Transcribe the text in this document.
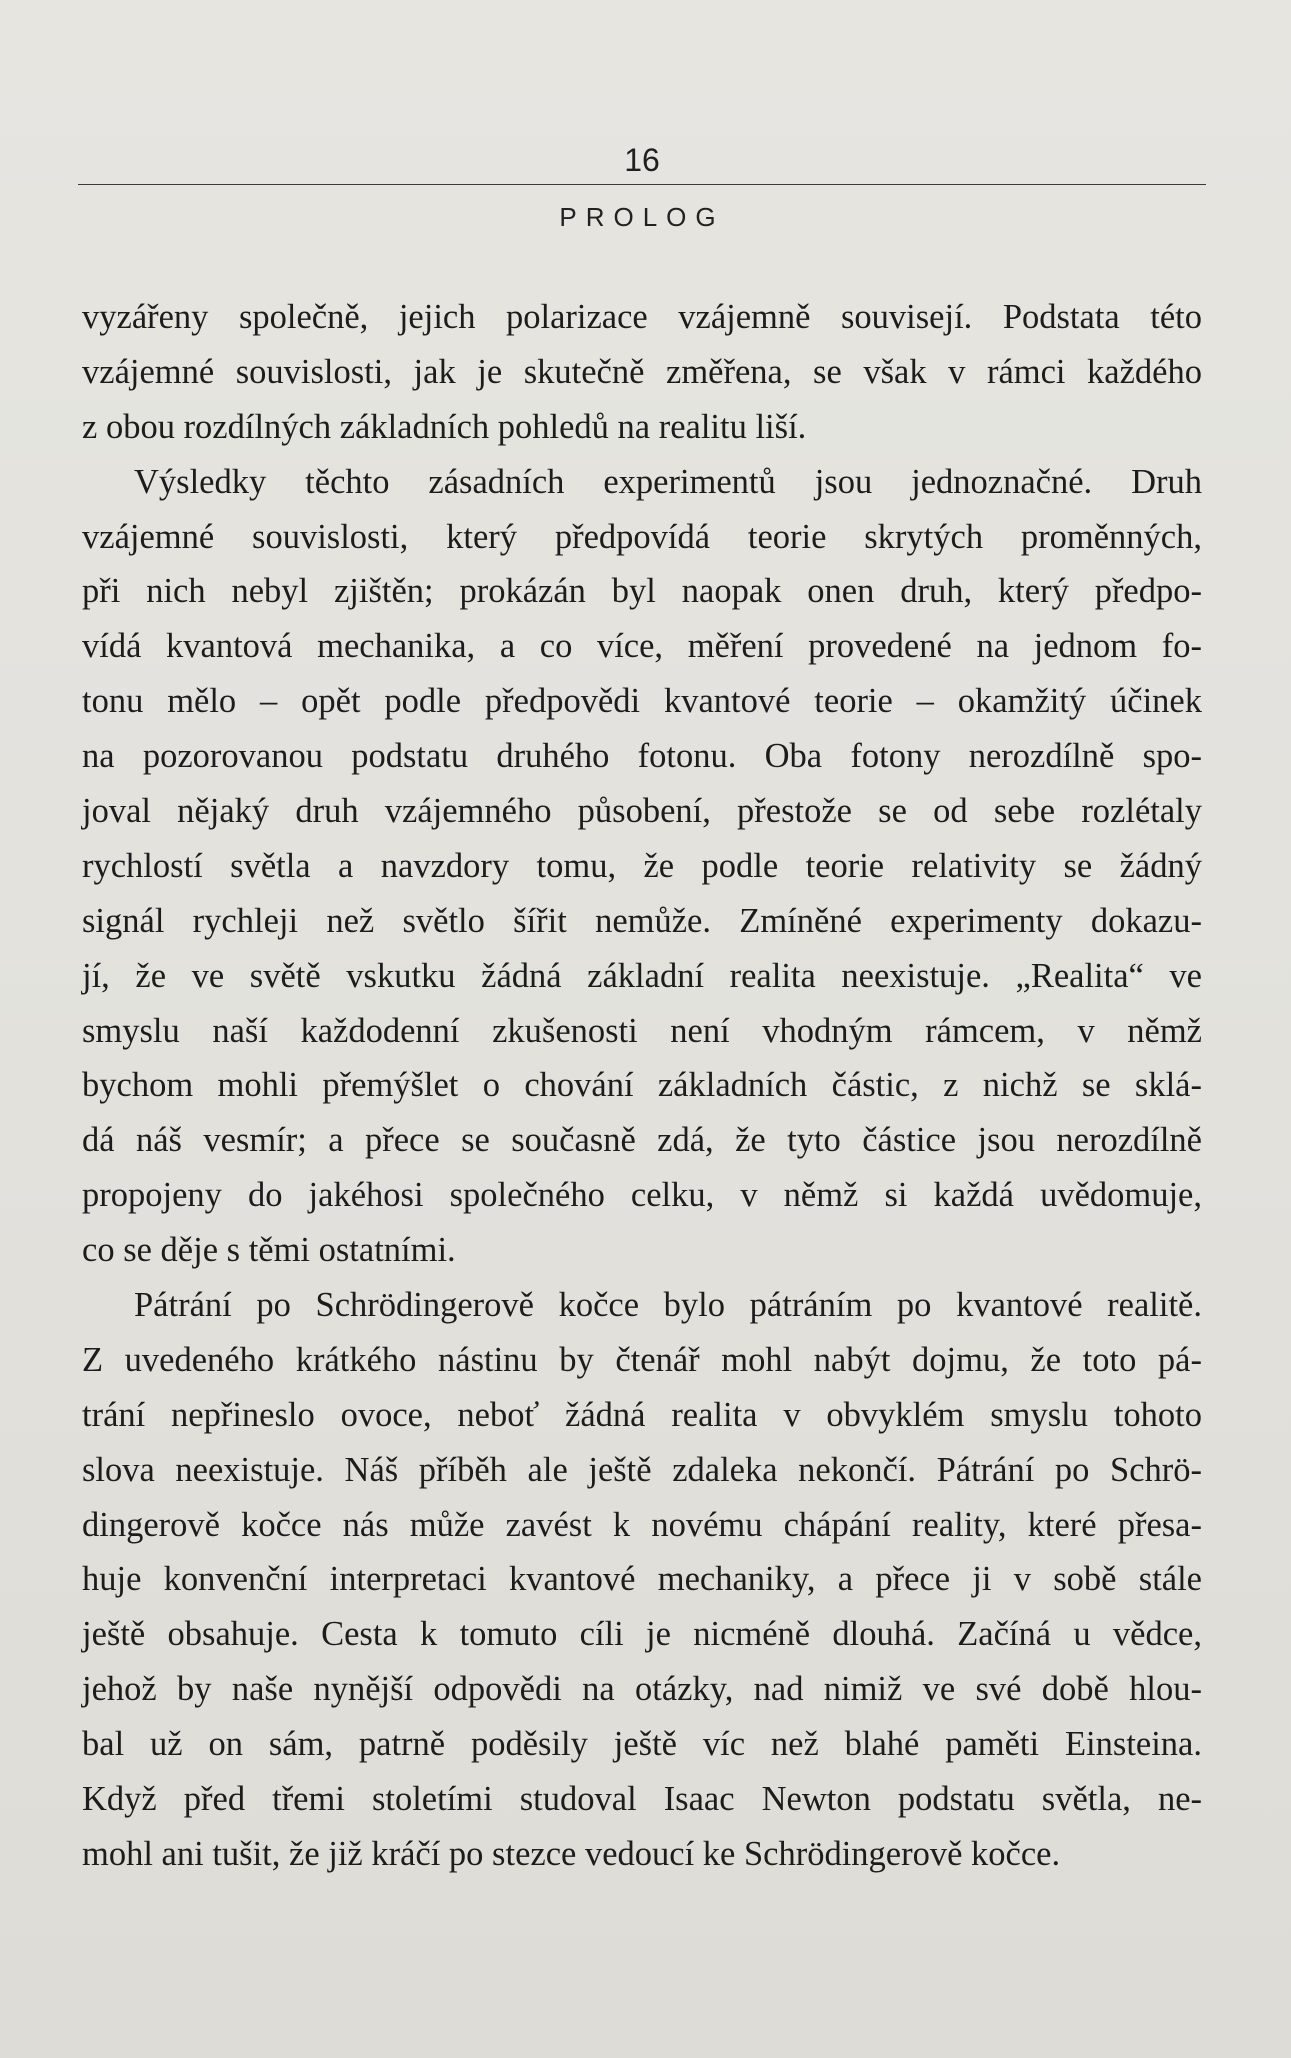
16
PROLOG
vyzářeny společně, jejich polarizace vzájemně souvisejí. Podstata této
vzájemné souvislosti, jak je skutečně změřena, se však v rámci každého
z obou rozdílných základních pohledů na realitu liší.
Výsledky těchto zásadních experimentů jsou jednoznačné. Druh
vzájemné souvislosti, který předpovídá teorie skrytých proměnných,
při nich nebyl zjištěn; prokázán byl naopak onen druh, který předpo-
vídá kvantová mechanika, a co více, měření provedené na jednom fo-
tonu mělo – opět podle předpovědi kvantové teorie – okamžitý účinek
na pozorovanou podstatu druhého fotonu. Oba fotony nerozdílně spo-
joval nějaký druh vzájemného působení, přestože se od sebe rozlétaly
rychlostí světla a navzdory tomu, že podle teorie relativity se žádný
signál rychleji než světlo šířit nemůže. Zmíněné experimenty dokazu-
jí, že ve světě vskutku žádná základní realita neexistuje. „Realita“ ve
smyslu naší každodenní zkušenosti není vhodným rámcem, v němž
bychom mohli přemýšlet o chování základních částic, z nichž se sklá-
dá náš vesmír; a přece se současně zdá, že tyto částice jsou nerozdílně
propojeny do jakéhosi společného celku, v němž si každá uvědomuje,
co se děje s těmi ostatními.
Pátrání po Schrödingerově kočce bylo pátráním po kvantové realitě.
Z uvedeného krátkého nástinu by čtenář mohl nabýt dojmu, že toto pá-
trání nepřineslo ovoce, neboť žádná realita v obvyklém smyslu tohoto
slova neexistuje. Náš příběh ale ještě zdaleka nekončí. Pátrání po Schrö-
dingerově kočce nás může zavést k novému chápání reality, které přesa-
huje konvenční interpretaci kvantové mechaniky, a přece ji v sobě stále
ještě obsahuje. Cesta k tomuto cíli je nicméně dlouhá. Začíná u vědce,
jehož by naše nynější odpovědi na otázky, nad nimiž ve své době hlou-
bal už on sám, patrně poděsily ještě víc než blahé paměti Einsteina.
Když před třemi stoletími studoval Isaac Newton podstatu světla, ne-
mohl ani tušit, že již kráčí po stezce vedoucí ke Schrödingerově kočce.
